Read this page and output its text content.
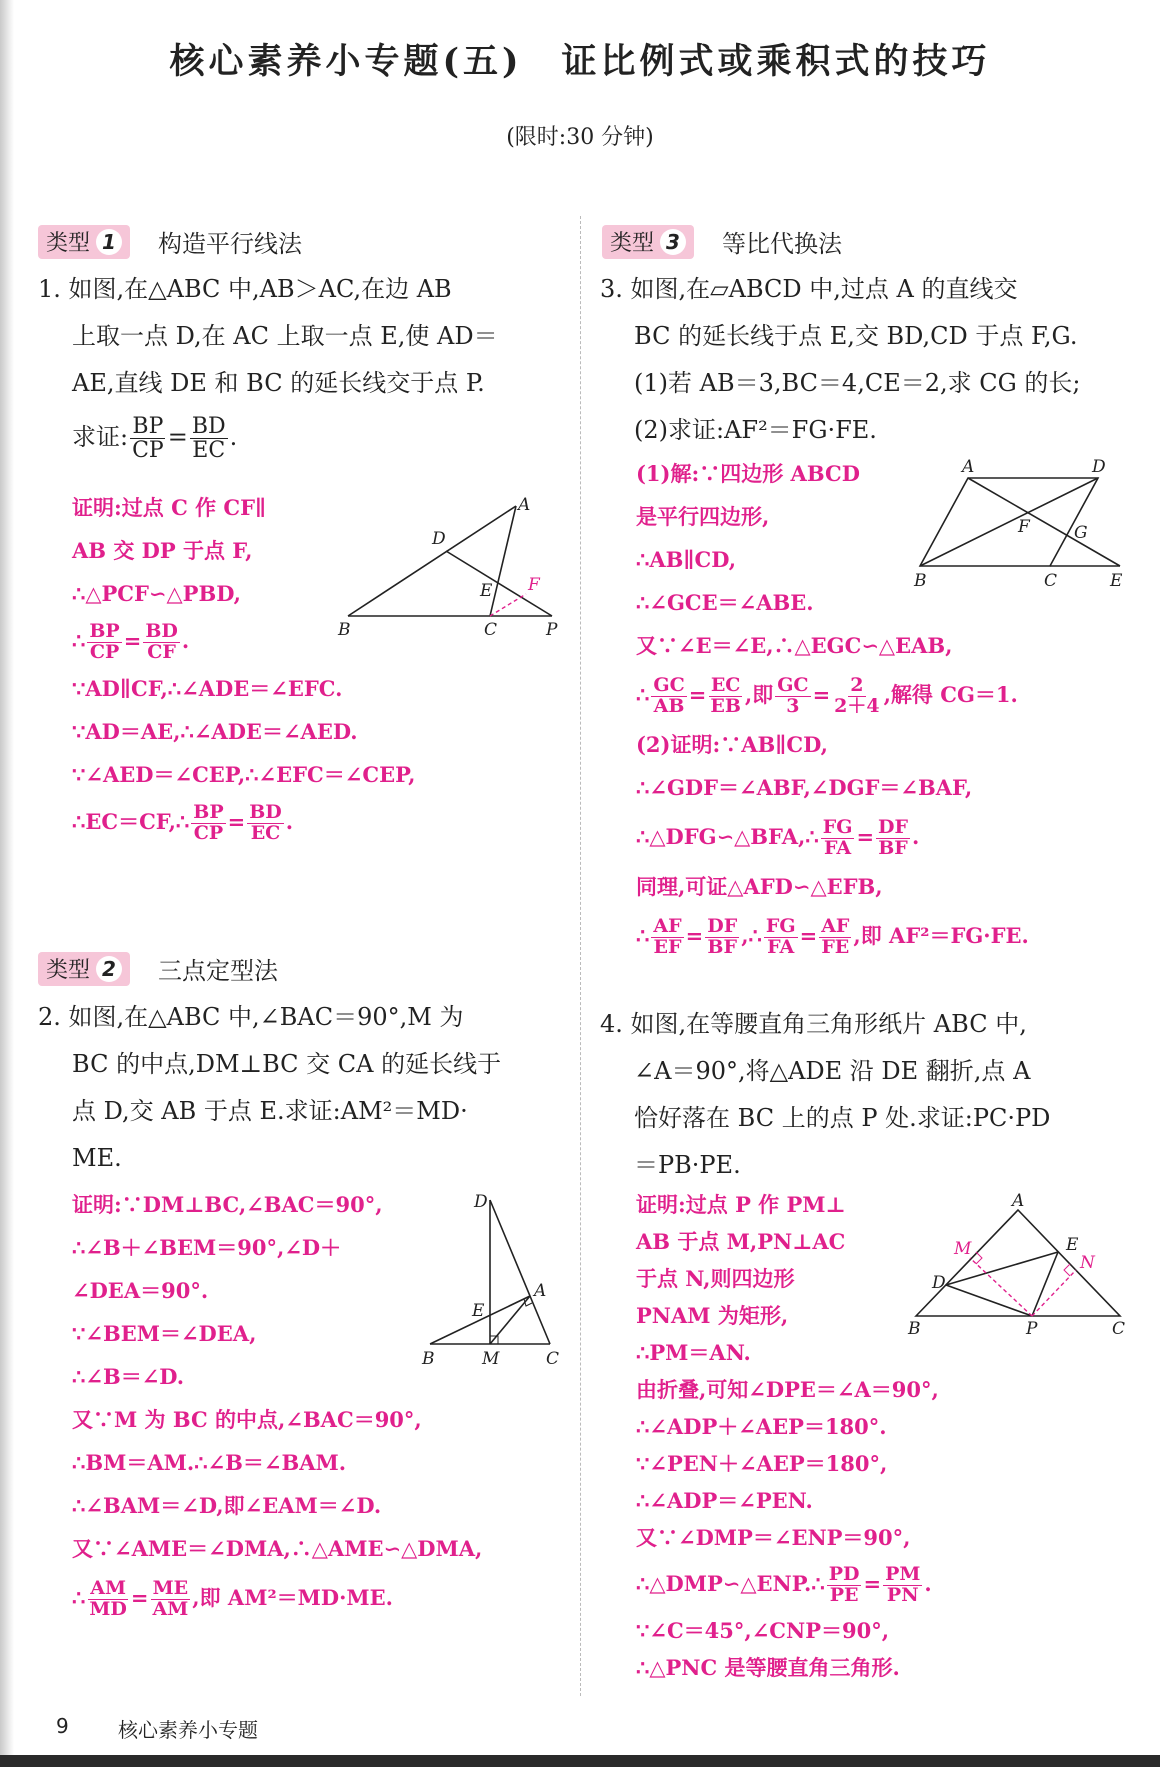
核心素养小专题(五)　证比例式或乘积式的技巧
(限时:30 分钟)
类型 1 构造平行线法
1. 如图,在△ABC 中,AB＞AC,在边 AB
上取一点 D,在 AC 上取一点 E,使 AD＝
AE,直线 DE 和 BC 的延长线交于点 P.
求证: $\frac{BP}{CP} = \frac{BD}{EC}$ .
证明:过点 C 作 CF∥
AB 交 DP 于点 F,
∴△PCF∽△PBD,
∴ $\frac{BP}{CP} = \frac{BD}{CF}$ .
∵AD∥CF,∴∠ADE＝∠EFC.
∵AD＝AE,∴∠ADE＝∠AED.
∵∠AED＝∠CEP,∴∠EFC＝∠CEP,
∴EC＝CF,∴ $\frac{BP}{CP} = \frac{BD}{EC}$ .
B	C	P
A
D
E F
类型 2 三点定型法
2. 如图,在△ABC 中,∠BAC＝90°,M 为
BC 的中点,DM⊥BC 交 CA 的延长线于
点 D,交 AB 于点 E.求证:AM²＝MD·
ME.
证明:∵DM⊥BC,∠BAC＝90°,
∴∠B＋∠BEM＝90°,∠D＋
∠DEA＝90°.
∵∠BEM＝∠DEA,
∴∠B＝∠D.
又∵M 为 BC 的中点,∠BAC＝90°,
∴BM＝AM.∴∠B＝∠BAM.
∴∠BAM＝∠D,即∠EAM＝∠D.
又∵∠AME＝∠DMA,∴△AME∽△DMA,
∴ $\frac{AM}{MD} = \frac{ME}{AM}$ ,即 AM²＝MD·ME.
D
E
A
B	M	C
类型 3 等比代换法
3. 如图,在▱ABCD 中,过点 A 的直线交
BC 的延长线于点 E,交 BD,CD 于点 F,G.
(1)若 AB＝3,BC＝4,CE＝2,求 CG 的长;
(2)求证:AF²＝FG·FE.
(1)解:∵四边形 ABCD
是平行四边形,
∴AB∥CD,
∴∠GCE＝∠ABE.
又∵∠E＝∠E,∴△EGC∽△EAB,
∴ $\frac{GC}{AB} = \frac{EC}{EB}$ ,即 $\frac{GC}{3} = \frac{2}{2+4}$ ,解得 CG＝1.
(2)证明:∵AB∥CD,
∴∠GDF＝∠ABF,∠DGF＝∠BAF,
∴△DFG∽△BFA,∴ $\frac{FG}{FA} = \frac{DF}{BF}$ .
同理,可证△AFD∽△EFB,
∴ $\frac{AF}{EF} = \frac{DF}{BF}$ ,∴ $\frac{FG}{FA} = \frac{AF}{FE}$ ,即 AF²＝FG·FE.
A	D
F	G
B	C	E
4. 如图,在等腰直角三角形纸片 ABC 中,
∠A＝90°,将△ADE 沿 DE 翻折,点 A
恰好落在 BC 上的点 P 处.求证:PC·PD
＝PB·PE.
证明:过点 P 作 PM⊥
AB 于点 M,PN⊥AC
于点 N,则四边形
PNAM 为矩形,
∴PM＝AN.
由折叠,可知∠DPE＝∠A＝90°,
∴∠ADP＋∠AEP＝180°.
∵∠PEN＋∠AEP＝180°,
∴∠ADP＝∠PEN.
又∵∠DMP＝∠ENP＝90°,
∴△DMP∽△ENP.∴ $\frac{PD}{PE} = \frac{PM}{PN}$ .
∵∠C＝45°,∠CNP＝90°,
∴△PNC 是等腰直角三角形.
A
M	E
N
D
B	P	C
9 核心素养小专题
